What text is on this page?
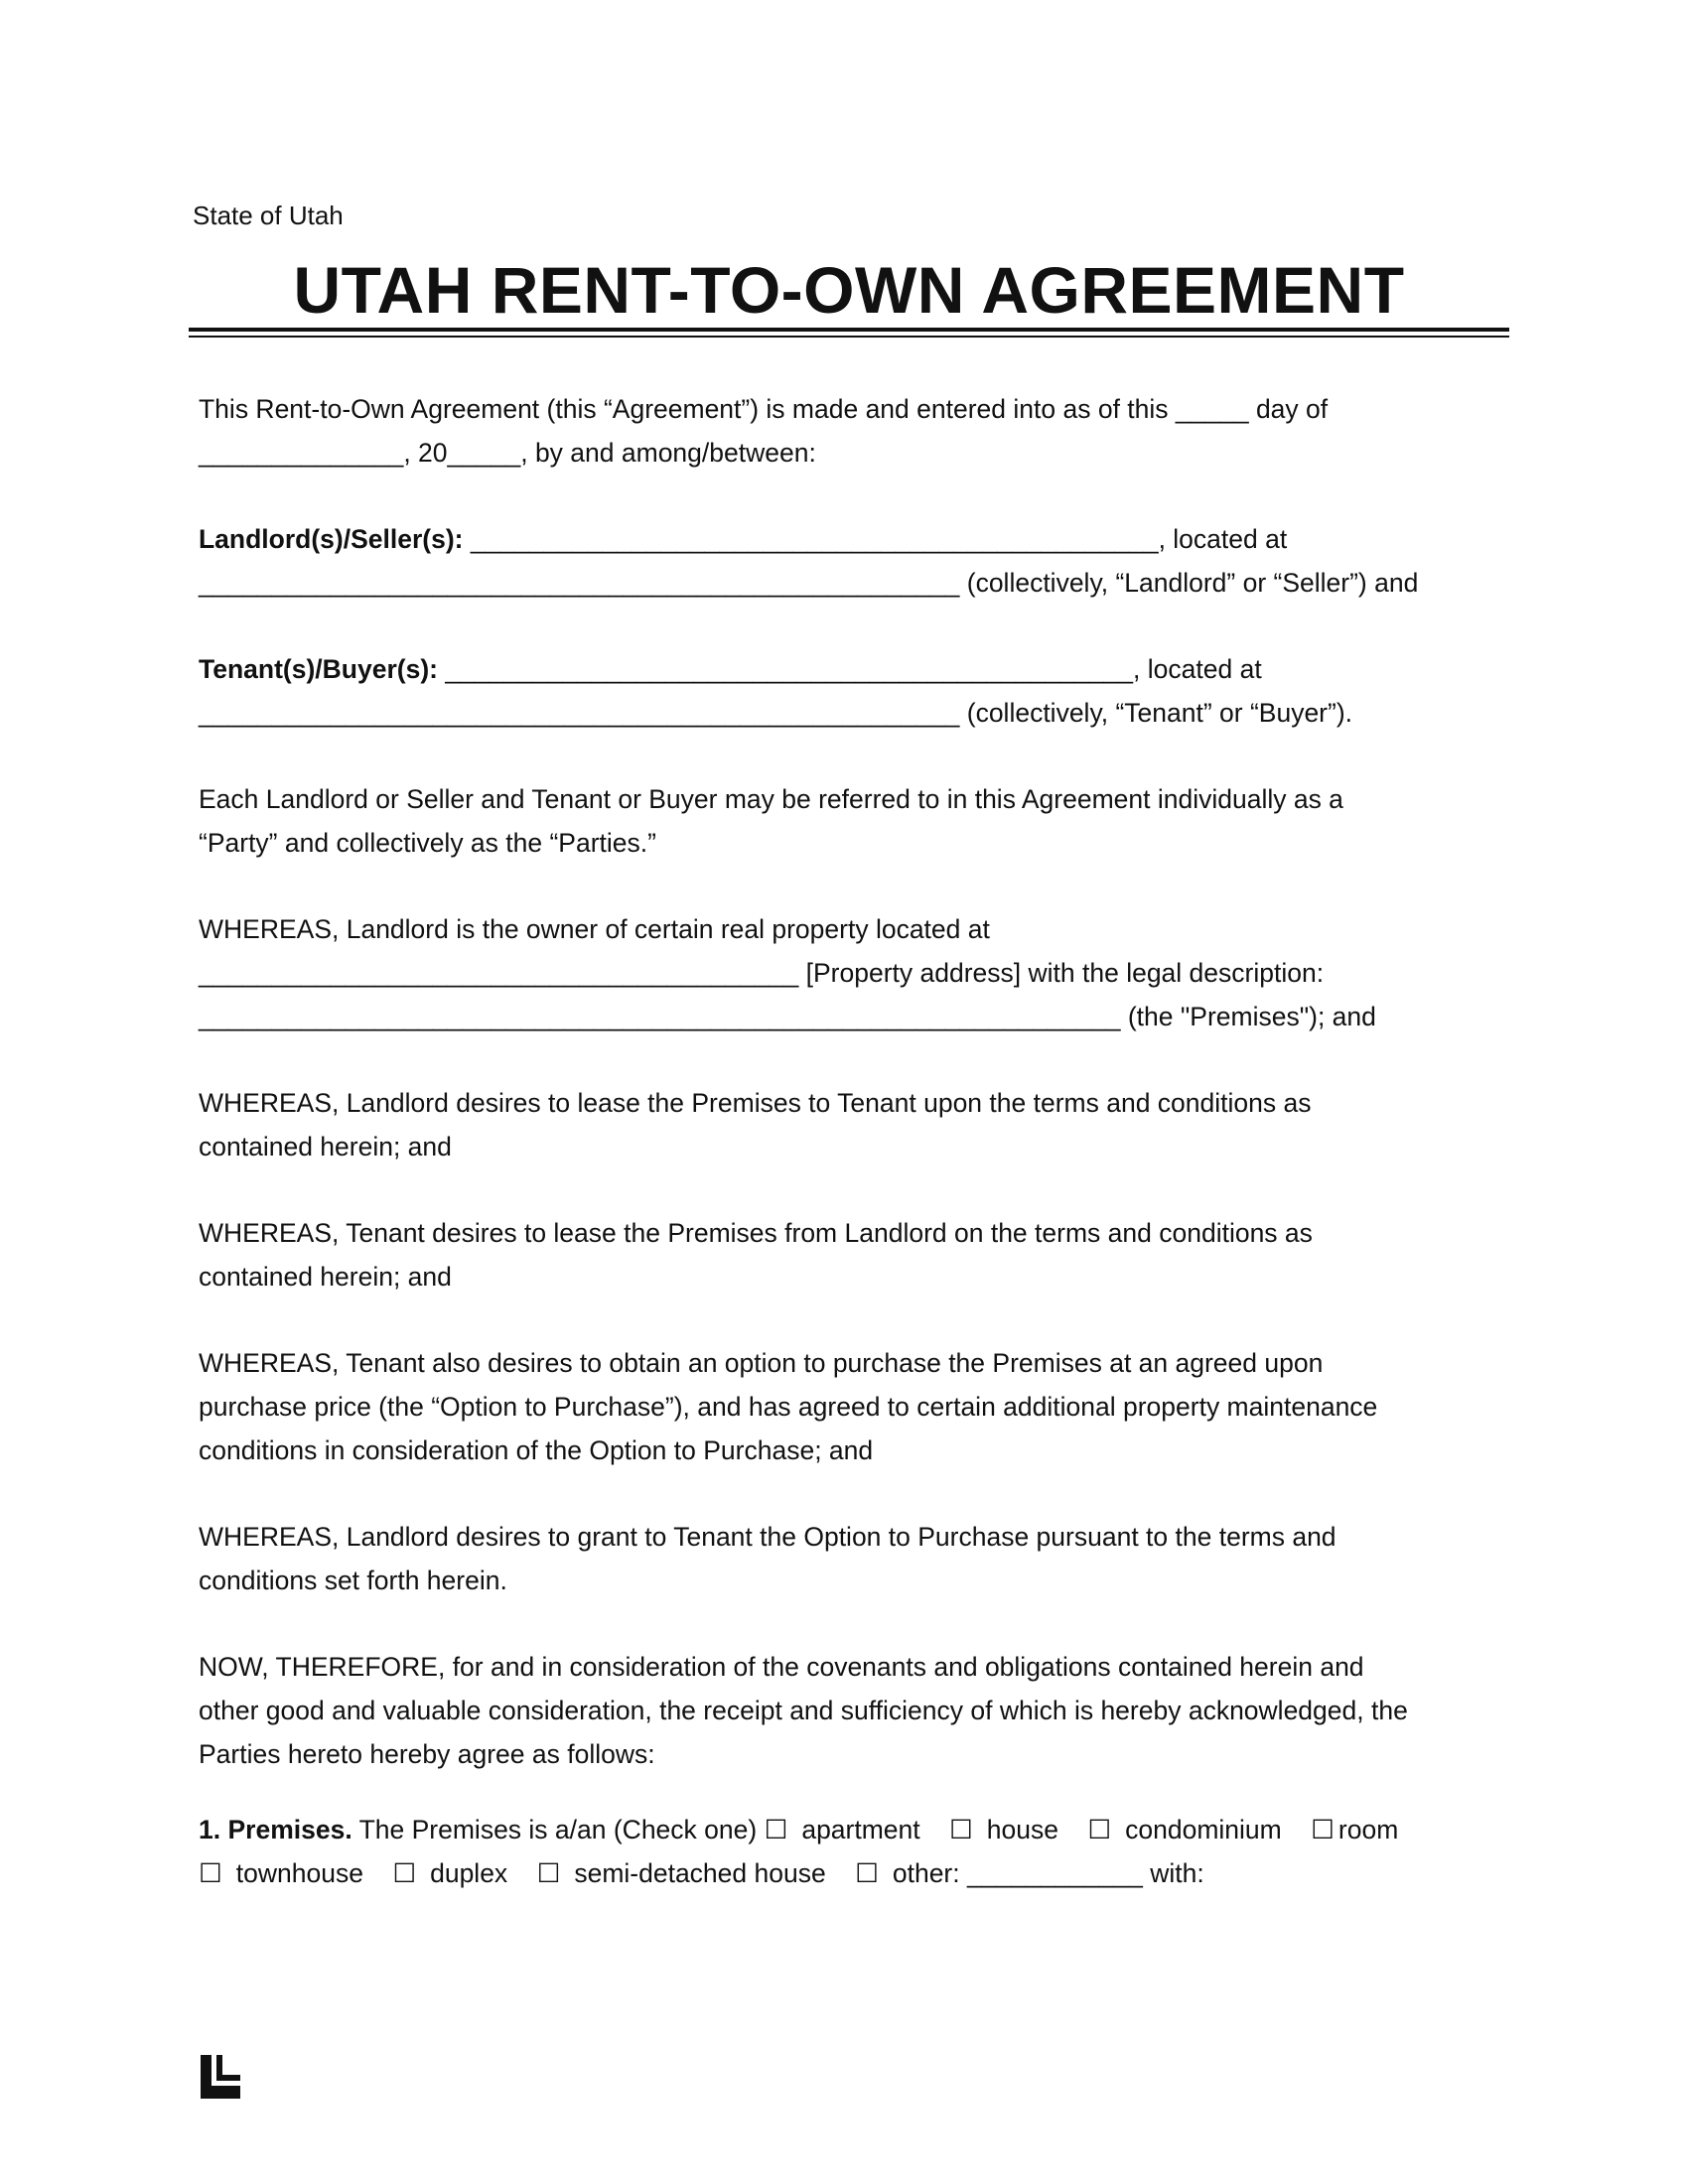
State of Utah
UTAH RENT-TO-OWN AGREEMENT

This Rent-to-Own Agreement (this “Agreement”) is made and entered into as of this _____ day of
______________, 20_____, by and among/between:

Landlord(s)/Seller(s): _______________________________________________, located at
____________________________________________________ (collectively, “Landlord” or “Seller”) and

Tenant(s)/Buyer(s): _______________________________________________, located at
____________________________________________________ (collectively, “Tenant” or “Buyer”).

Each Landlord or Seller and Tenant or Buyer may be referred to in this Agreement individually as a
“Party” and collectively as the “Parties.”

WHEREAS, Landlord is the owner of certain real property located at
_________________________________________ [Property address] with the legal description:
_______________________________________________________________ (the "Premises"); and

WHEREAS, Landlord desires to lease the Premises to Tenant upon the terms and conditions as
contained herein; and

WHEREAS, Tenant desires to lease the Premises from Landlord on the terms and conditions as
contained herein; and

WHEREAS, Tenant also desires to obtain an option to purchase the Premises at an agreed upon
purchase price (the “Option to Purchase”), and has agreed to certain additional property maintenance
conditions in consideration of the Option to Purchase; and

WHEREAS, Landlord desires to grant to Tenant the Option to Purchase pursuant to the terms and
conditions set forth herein.

NOW, THEREFORE, for and in consideration of the covenants and obligations contained herein and
other good and valuable consideration, the receipt and sufficiency of which is hereby acknowledged, the
Parties hereto hereby agree as follows:

1. Premises. The Premises is a/an (Check one) ☐ apartment ☐ house ☐ condominium ☐ room
☐ townhouse ☐ duplex ☐ semi-detached house ☐ other: ____________ with:
